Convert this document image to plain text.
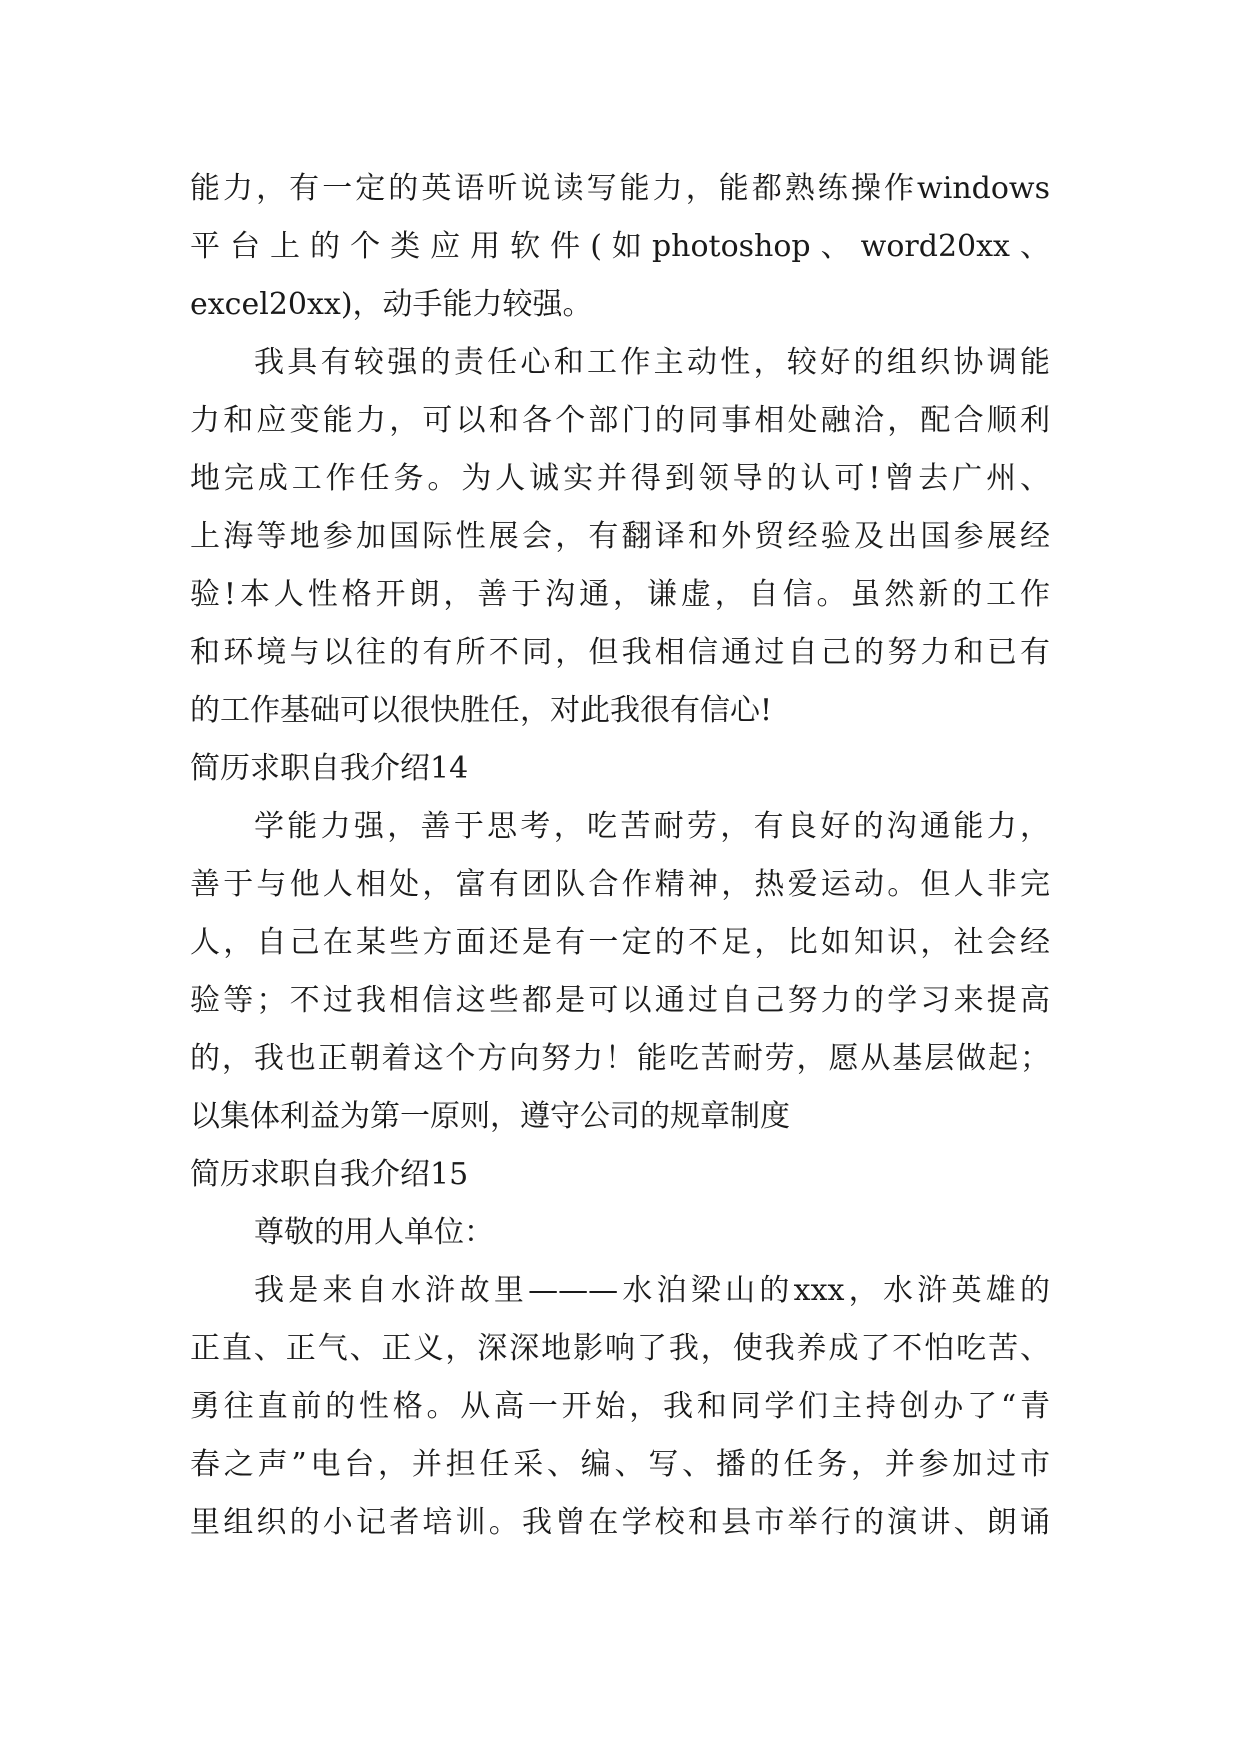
能力，有一定的英语听说读写能力，能都熟练操作windows
平台上的个类应用软件(如photoshop、word20xx、
excel20xx)，动手能力较强。
我具有较强的责任心和工作主动性，较好的组织协调能
力和应变能力，可以和各个部门的同事相处融洽，配合顺利
地完成工作任务。为人诚实并得到领导的认可!曾去广州、
上海等地参加国际性展会，有翻译和外贸经验及出国参展经
验!本人性格开朗，善于沟通，谦虚，自信。虽然新的工作
和环境与以往的有所不同，但我相信通过自己的努力和已有
的工作基础可以很快胜任，对此我很有信心!
简历求职自我介绍14
学能力强，善于思考，吃苦耐劳，有良好的沟通能力，
善于与他人相处，富有团队合作精神，热爱运动。但人非完
人，自己在某些方面还是有一定的不足，比如知识，社会经
验等；不过我相信这些都是可以通过自己努力的学习来提高
的，我也正朝着这个方向努力！能吃苦耐劳，愿从基层做起；
以集体利益为第一原则，遵守公司的规章制度
简历求职自我介绍15
尊敬的用人单位：
我是来自水浒故里———水泊梁山的xxx，水浒英雄的
正直、正气、正义，深深地影响了我，使我养成了不怕吃苦、
勇往直前的性格。从高一开始，我和同学们主持创办了“青
春之声”电台，并担任采、编、写、播的任务，并参加过市
里组织的小记者培训。我曾在学校和县市举行的演讲、朗诵
